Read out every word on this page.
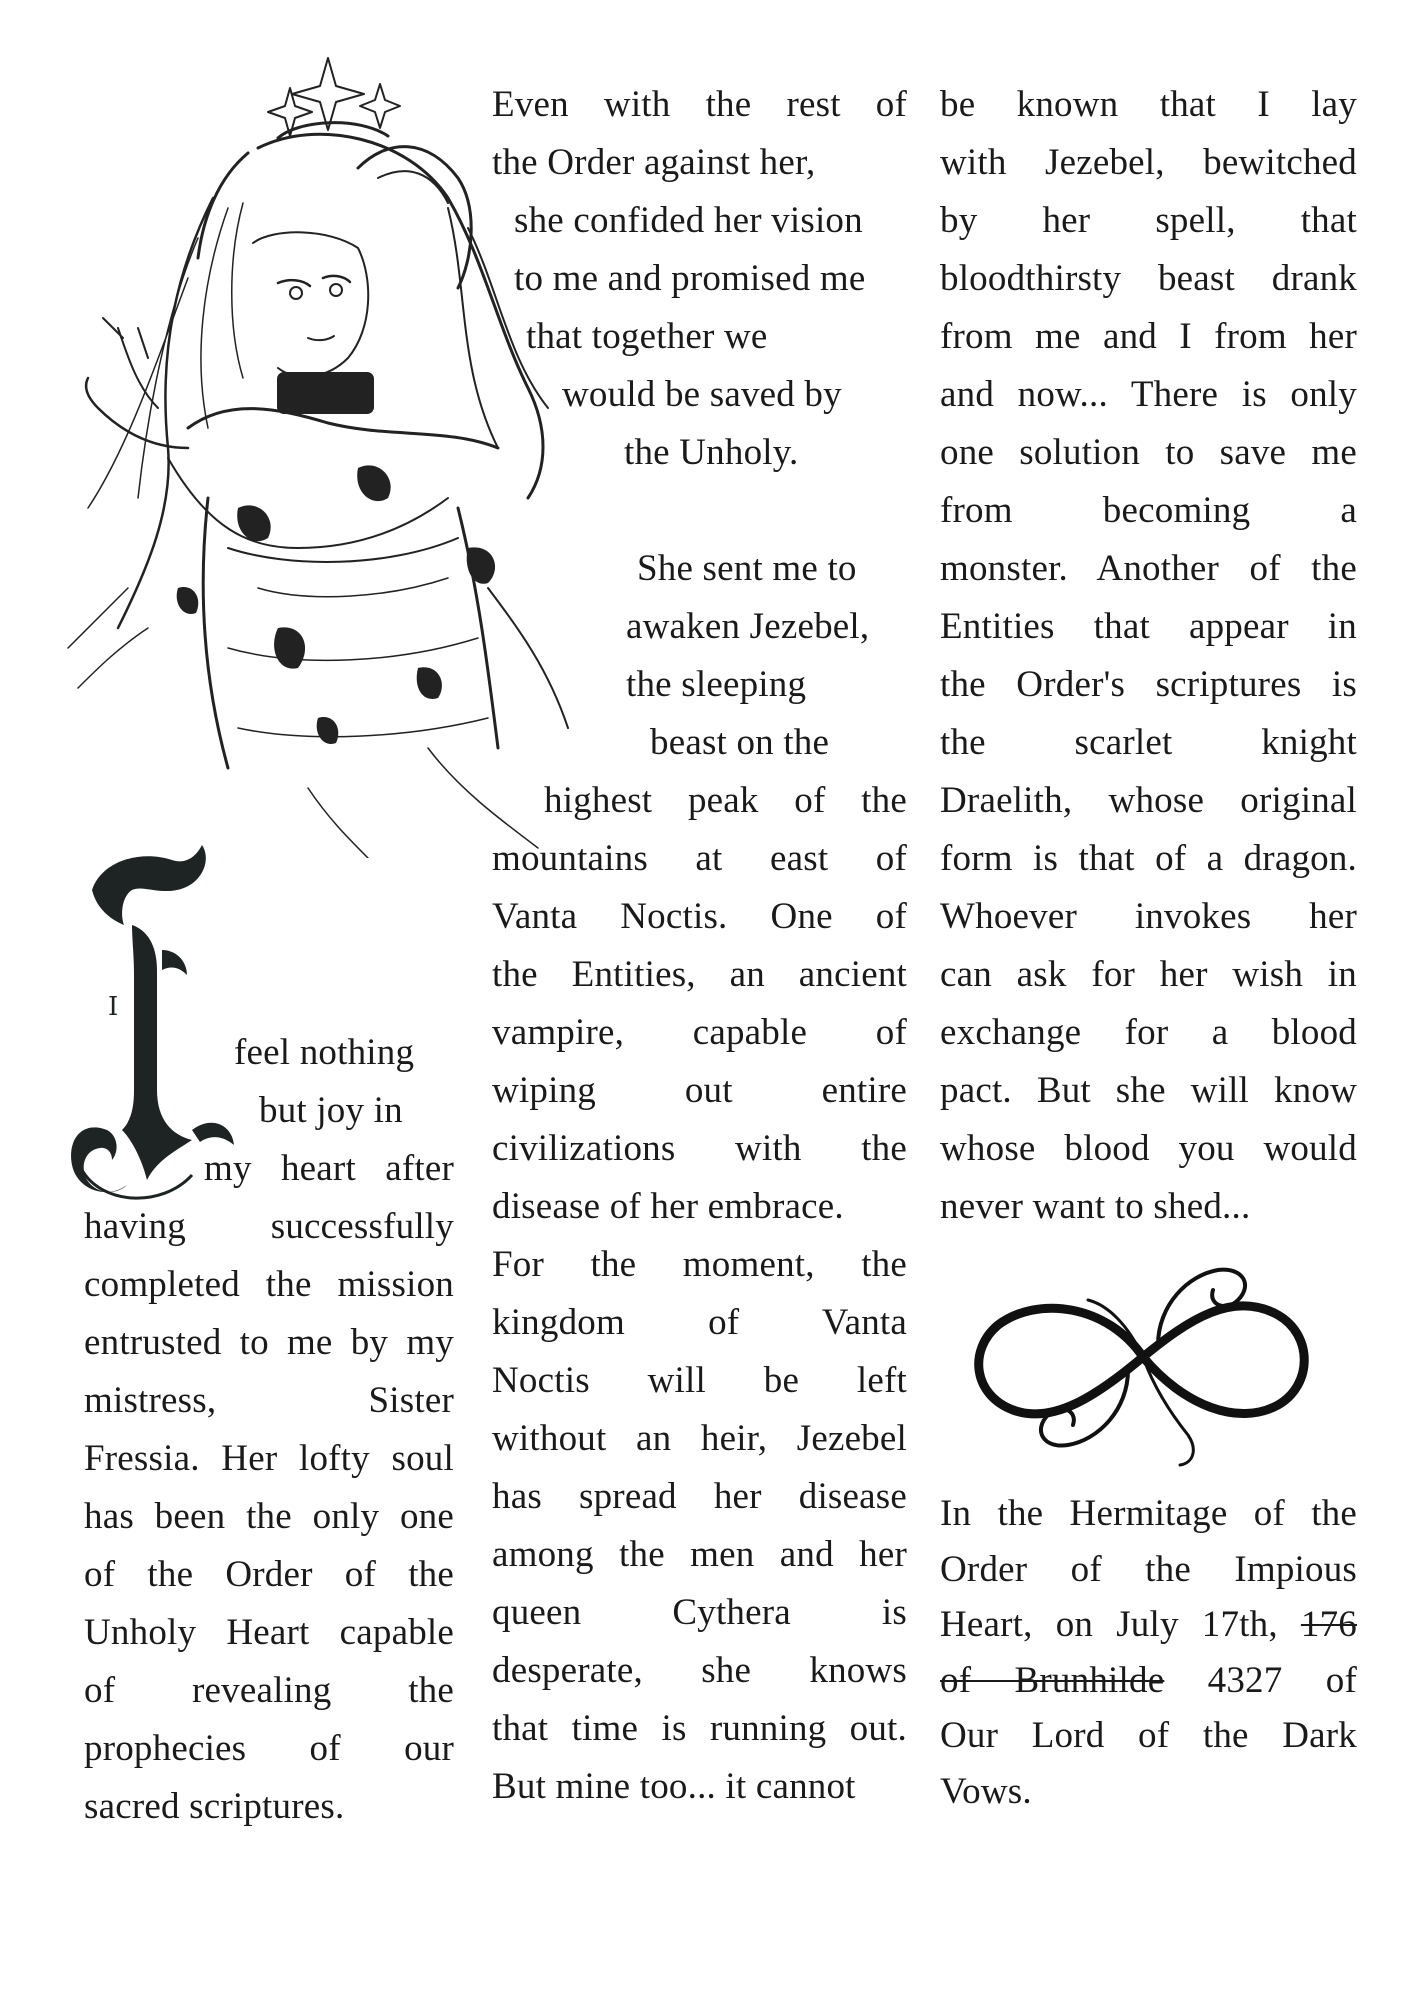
I
feel nothing
but joy in
my heart after
having successfully
completed the mission
entrusted to me by my
mistress, Sister
Fressia. Her lofty soul
has been the only one
of the Order of the
Unholy Heart capable
of revealing the
prophecies of our
sacred scriptures.
Even with the rest of
the Order against her,
she confided her vision
to me and promised me
that together we
would be saved by
the Unholy.
She sent me to
awaken Jezebel,
the sleeping
beast on the
highest peak of the
mountains at east of
Vanta Noctis. One of
the Entities, an ancient
vampire, capable of
wiping out entire
civilizations with the
disease of her embrace.
For the moment, the
kingdom of Vanta
Noctis will be left
without an heir, Jezebel
has spread her disease
among the men and her
queen Cythera is
desperate, she knows
that time is running out.
But mine too... it cannot
be known that I lay
with Jezebel, bewitched
by her spell, that
bloodthirsty beast drank
from me and I from her
and now... There is only
one solution to save me
from becoming a
monster. Another of the
Entities that appear in
the Order's scriptures is
the scarlet knight
Draelith, whose original
form is that of a dragon.
Whoever invokes her
can ask for her wish in
exchange for a blood
pact. But she will know
whose blood you would
never want to shed...
In the Hermitage of the
Order of the Impious
Heart, on July 17th, 176
of Brunhilde 4327 of
Our Lord of the Dark
Vows.
